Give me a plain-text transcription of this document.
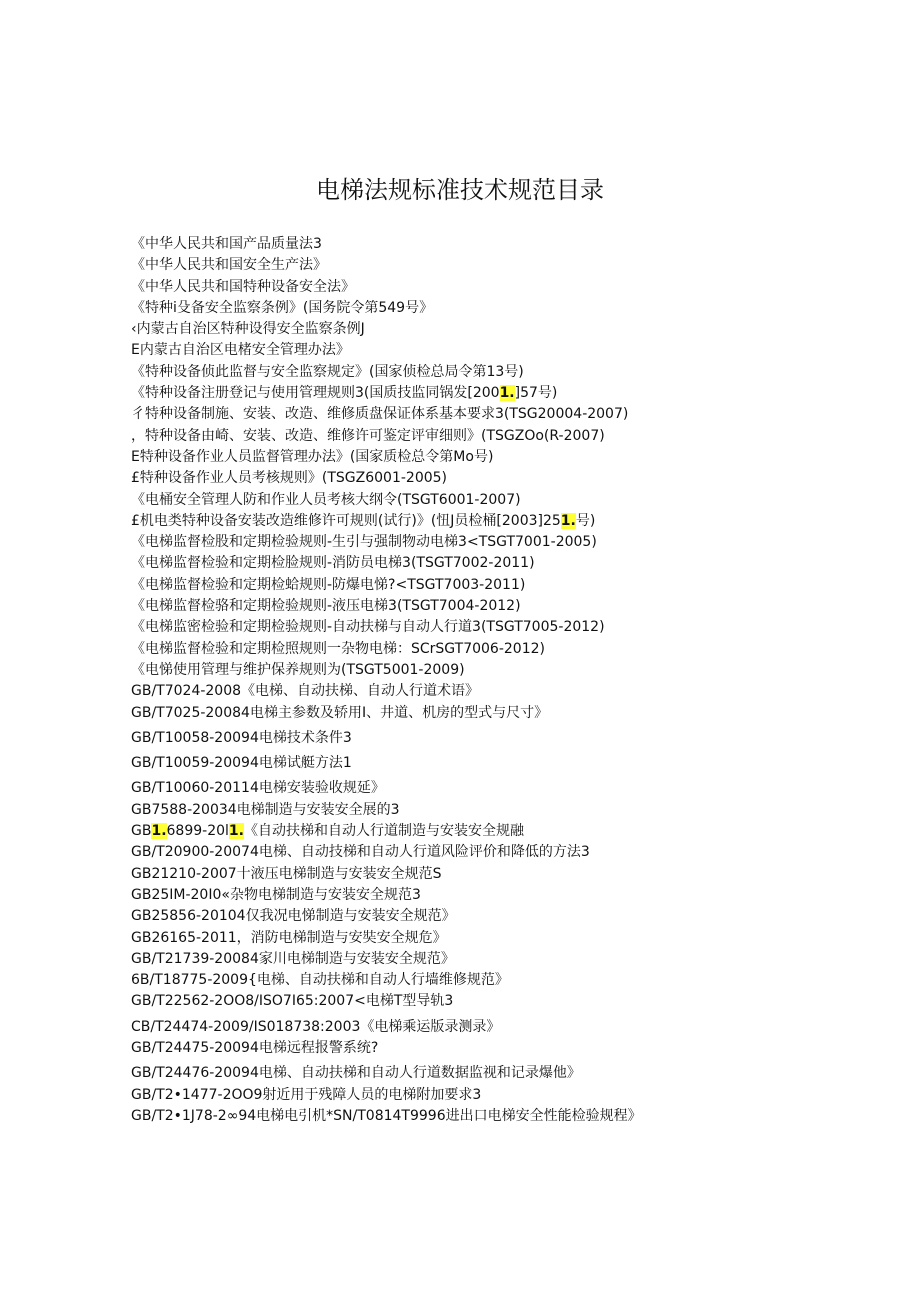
电梯法规标准技术规范目录
《中华人民共和国产品质量法3
《中华人民共和国安全生产法》
《中华人民共和国特种设备安全法》
《特种i殳备安全监察条例》(国务院令第549号》
‹内蒙古自治区特种设得安全监察条例J
E内蒙古自治区电楮安全管理办法》
《特种设备侦此监督与安全监察规定》(国家侦检总局令第13号)
《特种设备注册登记与使用管理规则3(国质技监同锅发[2001.]57号)
彳特种设备制施、安装、改造、维修质盘保证体系基本要求3(TSG20004-2007)
，特种设备由崎、安装、改造、维修许可鉴定评审细则》(TSGZOo(R-2007)
E特种设备作业人员监督管理办法》(国家质检总令第Mo号)
£特种设备作业人员考核规则》(TSGZ6001-2005)
《电桶安全管理人防和作业人员考核大纲令(TSGT6001-2007)
£机电类特种设备安装改造维修许可规则(试行)》(忸J员检桶[2003]251.号)
《电梯监督检股和定期检验规则-生引与强制物动电梯3<TSGT7001-2005)
《电梯监督检验和定期检脸规则-消防员电梯3(TSGT7002-2011)
《电梯监督检验和定期检蛤规则-防爆电悌?<TSGT7003-2011)
《电梯监督检骆和定期检验规则-液压电梯3(TSGT7004-2012)
《电梯监密检验和定期检验规则-自动扶梯与自动人行道3(TSGT7005-2012)
《电梯监督检验和定期检照规则一杂物电梯：SCrSGT7006-2012)
《电悌使用管理与维护保养规则为(TSGT5001-2009)
GB/T7024-2008《电梯、自动扶梯、自动人行道术语》
GB/T7025-20084电梯主参数及轿用I、井道、机房的型式与尺寸》
GB/T10058-20094电梯技术条件3
GB/T10059-20094电梯试艇方法1
GB/T10060-20114电梯安装验收规延》
GB7588-20034电梯制造与安装安全展的3
GB1.6899-20l1.《自动扶梯和自动人行道制造与安装安全规融
GB/T20900-20074电梯、自动技梯和自动人行道风险评价和降低的方法3
GB21210-2007十液压电梯制造与安装安全规范S
GB25IM-20I0«杂物电梯制造与安装安全规范3
GB25856-20104仅我况电悌制造与安装安全规范》
GB26165-2011，消防电梯制造与安奘安全规危》
GB/T21739-20084家川电梯制造与安装安全规范》
6B/T18775-2009{电梯、自动扶梯和自动人行墙维修规范》
GB/T22562-2OO8/ISO7I65:2007<电梯T型导轨3
CB/T24474-2009/IS018738:2003《电梯乘运版录测录》
GB/T24475-20094电梯远程报警系统?
GB/T24476-20094电梯、自动扶梯和自动人行道数据监视和记录爆他》
GB/T2•1477-2OO9射近用于残障人员的电梯附加要求3
GB/T2•1J78-2∞94电梯电引机*SN/T0814T9996进出口电梯安全性能检验规程》
